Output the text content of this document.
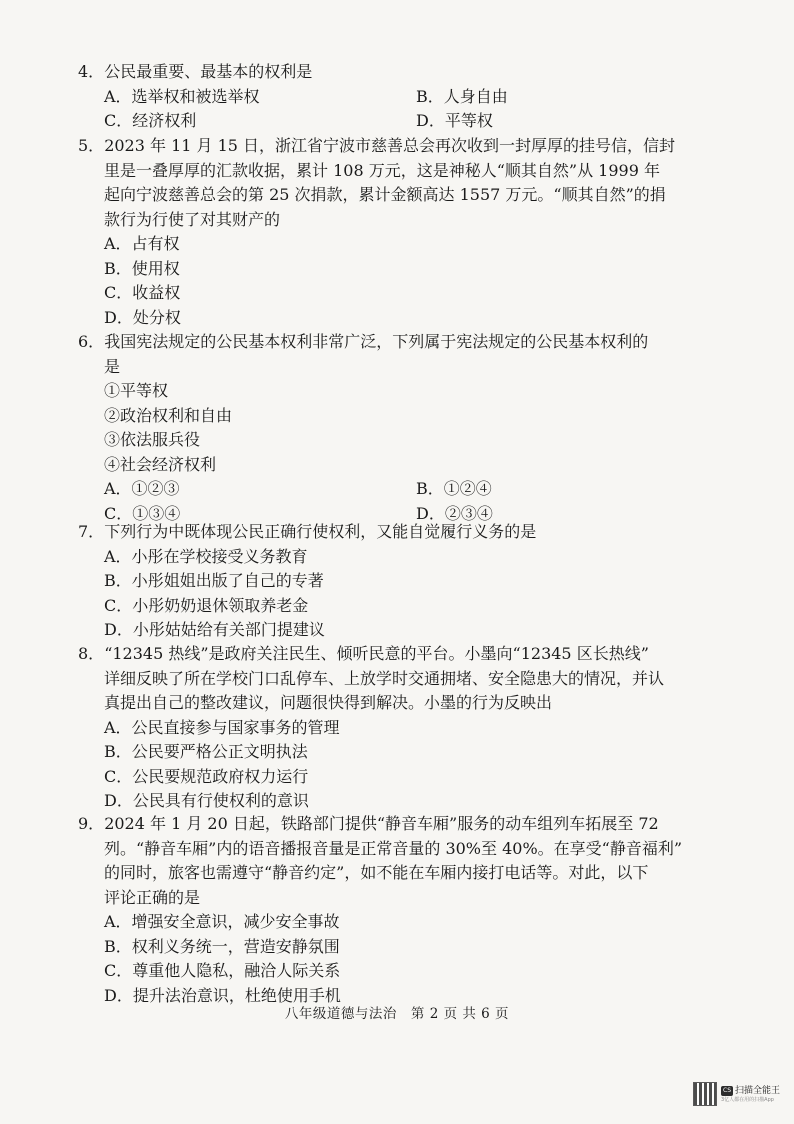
4．公民最重要、最基本的权利是

A．选举权和被选举权	B．人身自由
C．经济权利	D．平等权

5．2023 年 11 月 15 日，浙江省宁波市慈善总会再次收到一封厚厚的挂号信，信封

里是一叠厚厚的汇款收据，累计 108 万元，这是神秘人“顺其自然”从 1999 年

起向宁波慈善总会的第 25 次捐款，累计金额高达 1557 万元。“顺其自然”的捐

款行为行使了对其财产的

A．占有权

B．使用权

C．收益权

D．处分权

6．我国宪法规定的公民基本权利非常广泛，下列属于宪法规定的公民基本权利的

是

①平等权

②政治权利和自由

③依法服兵役

④社会经济权利

A．①②③	B．①②④
C．①③④	D．②③④

7．下列行为中既体现公民正确行使权利，又能自觉履行义务的是

A．小彤在学校接受义务教育

B．小彤姐姐出版了自己的专著

C．小彤奶奶退休领取养老金

D．小彤姑姑给有关部门提建议

8．“12345 热线”是政府关注民生、倾听民意的平台。小墨向“12345 区长热线”

详细反映了所在学校门口乱停车、上放学时交通拥堵、安全隐患大的情况，并认

真提出自己的整改建议，问题很快得到解决。小墨的行为反映出

A．公民直接参与国家事务的管理

B．公民要严格公正文明执法

C．公民要规范政府权力运行

D．公民具有行使权利的意识

9．2024 年 1 月 20 日起，铁路部门提供“静音车厢”服务的动车组列车拓展至 72

列。“静音车厢”内的语音播报音量是正常音量的 30%至 40%。在享受“静音福利”

的同时，旅客也需遵守“静音约定”，如不能在车厢内接打电话等。对此，以下

评论正确的是

A．增强安全意识，减少安全事故

B．权利义务统一，营造安静氛围

C．尊重他人隐私，融洽人际关系

D．提升法治意识，杜绝使用手机

八年级道德与法治　第 2 页 共 6 页
CS 扫描全能王
3亿人都在用的扫描App
